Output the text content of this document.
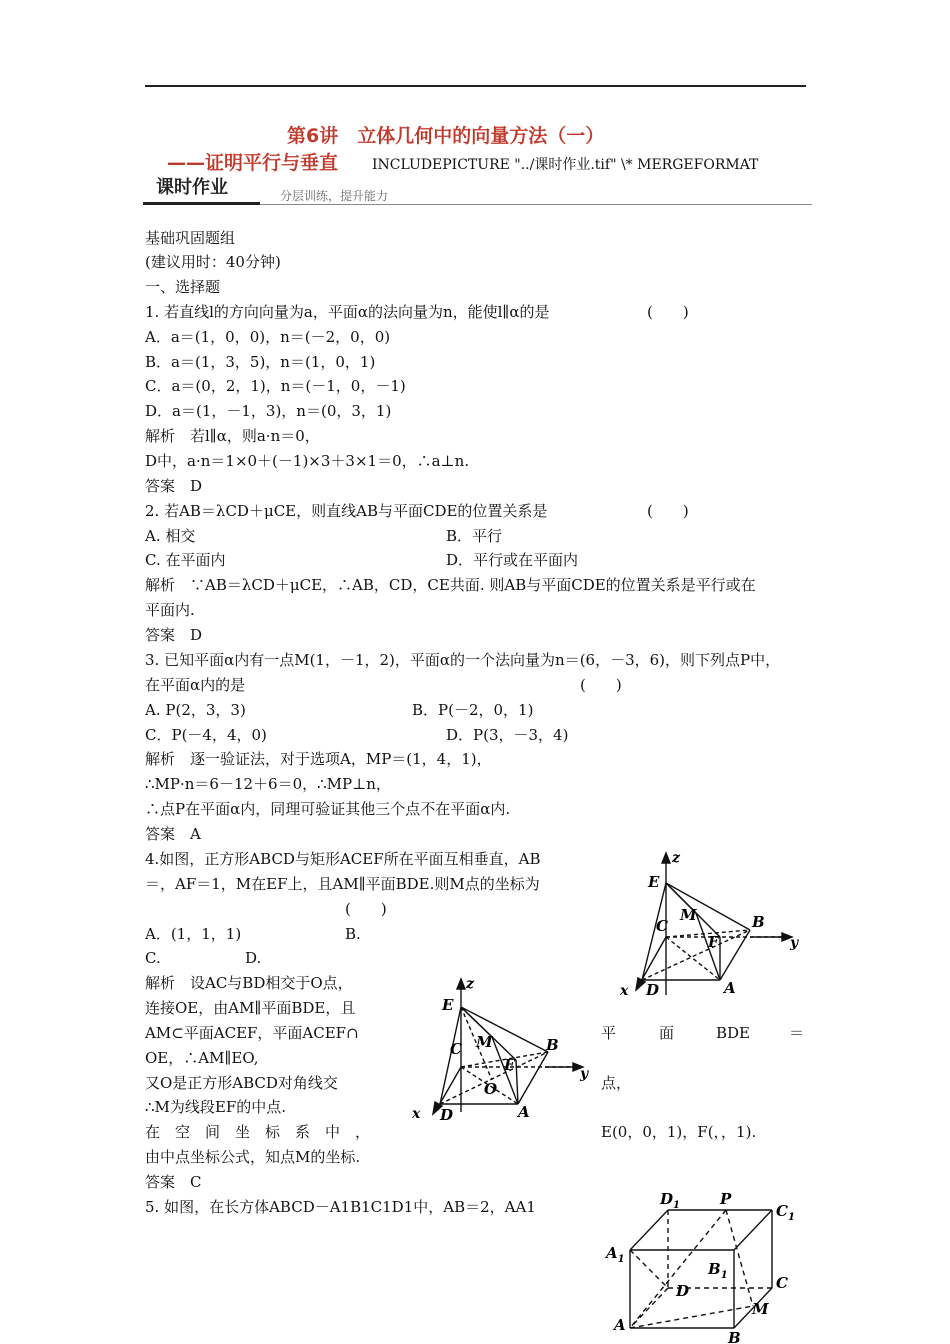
第6讲　立体几何中的向量方法（一）
——证明平行与垂直 INCLUDEPICTURE "../课时作业.tif" \* MERGEFORMAT
课时作业	分层训练，提升能力
基础巩固题组
(建议用时：40分钟)
一、选择题
1. 若直线l的方向向量为a，平面α的法向量为n，能使l∥α的是	(　　)
A．a＝(1，0，0)，n＝(－2，0，0)
B．a＝(1，3，5)，n＝(1，0，1)
C．a＝(0，2，1)，n＝(－1，0，－1)
D．a＝(1，－1，3)，n＝(0，3，1)
解析　若l∥α，则a·n＝0，
D中，a·n＝1×0＋(－1)×3＋3×1＝0，∴a⊥n.
答案　D
2. 若AB＝λCD＋μCE，则直线AB与平面CDE的位置关系是	(　　)
A. 相交	B．平行
C. 在平面内	D．平行或在平面内
解析　∵AB＝λCD＋μCE，∴AB，CD，CE共面. 则AB与平面CDE的位置关系是平行或在
平面内.
答案　D
3. 已知平面α内有一点M(1，－1，2)，平面α的一个法向量为n＝(6，－3，6)，则下列点P中，
在平面α内的是	(　　)
A. P(2，3，3)	B．P(－2，0，1)
C．P(－4，4，0)	D．P(3，－3，4)
解析　逐一验证法，对于选项A，MP＝(1，4，1)，
∴MP·n＝6－12＋6＝0，∴MP⊥n，
∴点P在平面α内，同理可验证其他三个点不在平面α内.
答案　A
4.如图，正方形ABCD与矩形ACEF所在平面互相垂直，AB
＝，AF＝1，M在EF上，且AM∥平面BDE.则M点的坐标为
(　　)
A．(1，1，1)	B.
C.	D.
解析　设AC与BD相交于O点，
连接OE，由AM∥平面BDE，且
AM⊂平面ACEF，平面ACEF∩	平	面	BDE	＝
OE，∴AM∥EO,
又O是正方形ABCD对角线交	点，
∴M为线段EF的中点.
在　空　间　坐　标　系　中　，	E(0，0，1)，F(，，1).
由中点坐标公式，知点M的坐标.
答案　C
5. 如图，在长方体ABCD－A1B1C1D1中，AB＝2，AA1
z
E
C
M	B
F	y
x D	A
z
E
C M
F
B
O
y
x D	A
$D_1$	P
$C_1$
$A_1$
$B_1$
D	C
M
A
B
